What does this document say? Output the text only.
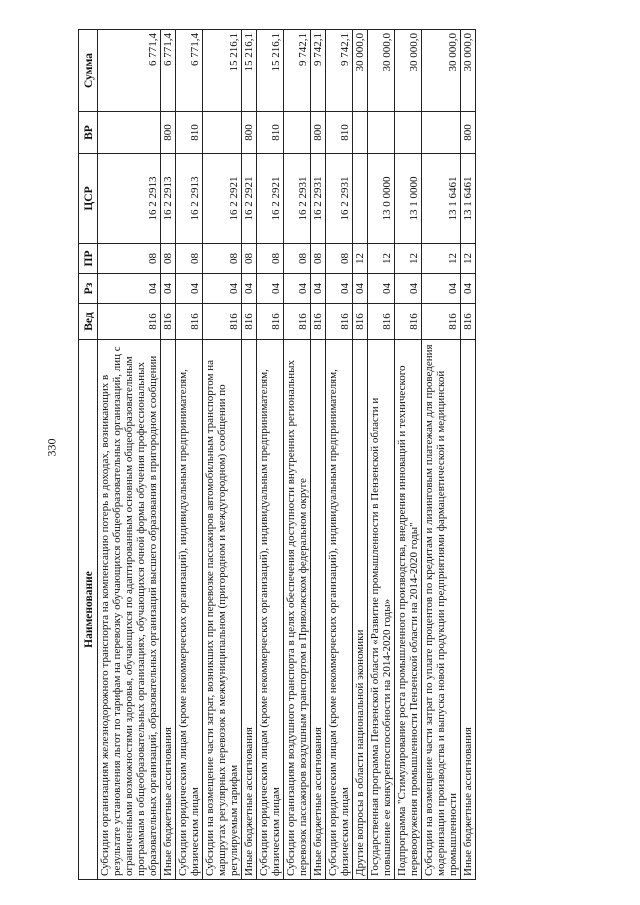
330
Наименование	Вед	Рз	ПР	ЦСР	ВР	Сумма
Субсидии организациям железнодорожного транспорта на компенсацию потерь в доходах, возникающих в результате установления льгот по тарифам на перевозку обучающихся общеобразовательных организаций, лиц с ограниченными возможностями здоровья, обучающихся по адаптированным основным общеобразовательным программам в общеобразовательных организациях, обучающихся очной формы обучения профессиональных образовательных организаций, образовательных организаций высшего образования в пригородном сообщении	816	04	08	16 2 2913		6 771,4
Иные бюджетные ассигнования	816	04	08	16 2 2913	800	6 771,4
Субсидии юридическим лицам (кроме некоммерческих организаций), индивидуальным предпринимателям, физическим лицам	816	04	08	16 2 2913	810	6 771,4
Субсидии на возмещение части затрат, возникших при перевозке пассажиров автомобильным транспортом на маршрутах регулярных перевозок в межмуниципальном (пригородном и междугородном) сообщении по регулируемым тарифам	816	04	08	16 2 2921		15 216,1
Иные бюджетные ассигнования	816	04	08	16 2 2921	800	15 216,1
Субсидии юридическим лицам (кроме некоммерческих организаций), индивидуальным предпринимателям, физическим лицам	816	04	08	16 2 2921	810	15 216,1
Субсидии организациям воздушного транспорта в целях обеспечения доступности внутренних региональных перевозок пассажиров воздушным транспортом в Приволжском федеральном округе	816	04	08	16 2 2931		9 742,1
Иные бюджетные ассигнования	816	04	08	16 2 2931	800	9 742,1
Субсидии юридическим лицам (кроме некоммерческих организаций), индивидуальным предпринимателям, физическим лицам	816	04	08	16 2 2931	810	9 742,1
Другие вопросы в области национальной экономики	816	04	12			30 000,0
Государственная программа Пензенской области «Развитие промышленности в Пензенской области и повышение ее конкурентоспособности на 2014-2020 годы»	816	04	12	13 0 0000		30 000,0
Подпрограмма "Стимулирование роста промышленного производства, внедрения инноваций и технического перевооружения промышленности Пензенской области на 2014-2020 годы"	816	04	12	13 1 0000		30 000,0
Субсидии на возмещение части затрат по уплате процентов по кредитам и лизинговым платежам для проведения модернизации производства и выпуска новой продукции предприятиями фармацевтической и медицинской промышленности	816	04	12	13 1 6461		30 000,0
Иные бюджетные ассигнования	816	04	12	13 1 6461	800	30 000,0
